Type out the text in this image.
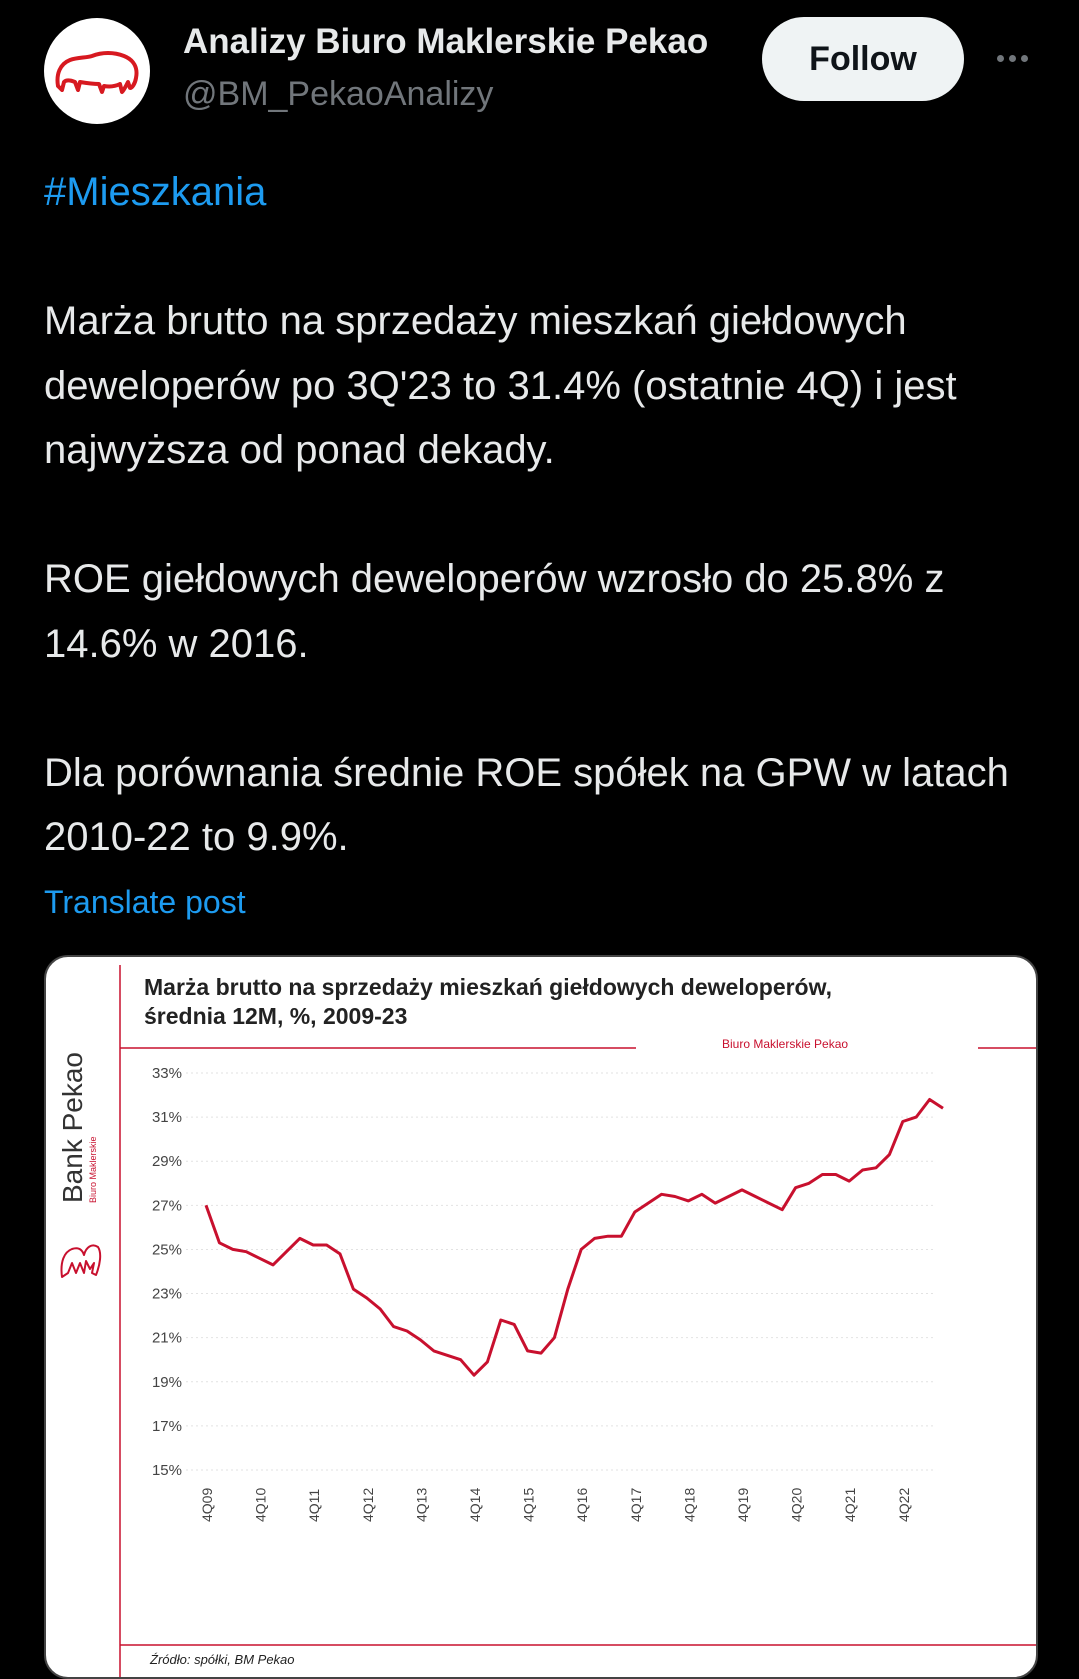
Analizy Biuro Maklerskie Pekao
@BM_PekaoAnalizy
Follow

#Mieszkania

Marża brutto na sprzedaży mieszkań giełdowych deweloperów po 3Q'23 to 31.4% (ostatnie 4Q) i jest najwyższa od ponad dekady.

ROE giełdowych deweloperów wzrosło do 25.8% z 14.6% w 2016.

Dla porównania średnie ROE spółek na GPW w latach 2010-22 to 9.9%.

Translate post
Bank Pekao Biuro Maklerskie
Marża brutto na sprzedaży mieszkań giełdowych deweloperów,
średnia 12M, %, 2009-23
Biuro Maklerskie Pekao
33%
31%
29%
27%
25%
23%
21%
19%
17%
15%
4Q09	4Q10	4Q11	4Q12	4Q13	4Q14	4Q15	4Q16	4Q17	4Q18	4Q19	4Q20	4Q21	4Q22
Źródło: spółki, BM Pekao
